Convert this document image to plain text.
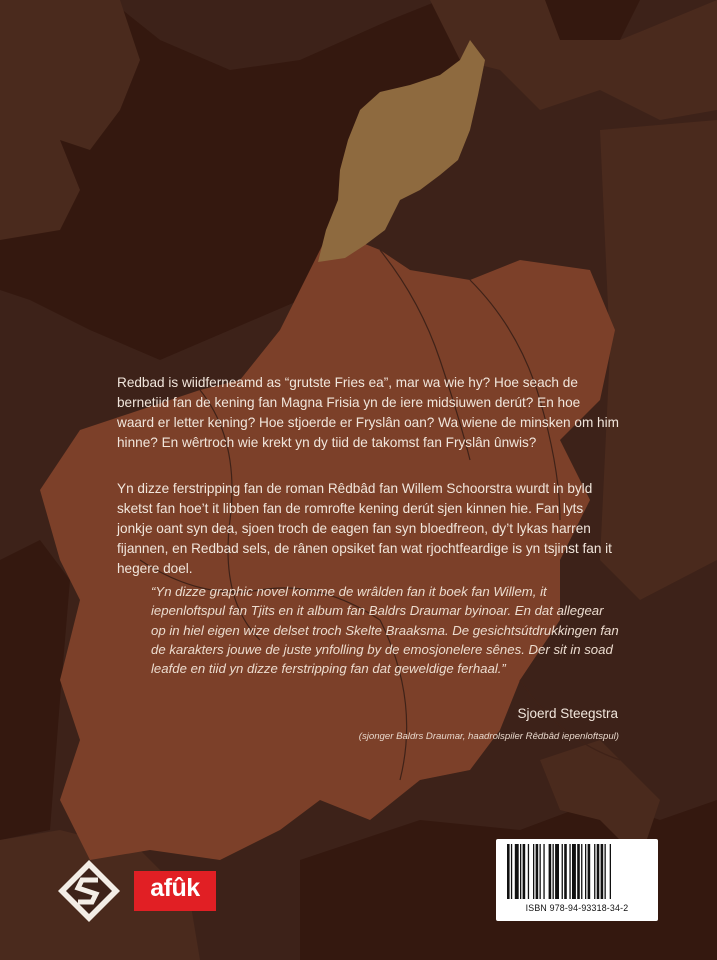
Redbad is wiidferneamd as “grutste Fries ea”, mar wa wie hy? Hoe seach de bernetiid fan de kening fan Magna Frisia yn de iere midsiuwen derút? En hoe waard er letter kening? Hoe stjoerde er Fryslân oan? Wa wiene de minsken om him hinne? En wêrtroch wie krekt yn dy tiid de takomst fan Fryslân ûnwis?

Yn dizze ferstripping fan de roman Rêdbâd fan Willem Schoorstra wurdt in byld sketst fan hoe’t it libben fan de romrofte kening derút sjen kinnen hie. Fan lyts jonkje oant syn dea, sjoen troch de eagen fan syn bloedfreon, dy’t lykas harren fijannen, en Redbad sels, de rânen opsiket fan wat rjochtfeardige is yn tsjinst fan it hegere doel.

“Yn dizze graphic novel komme de wrâlden fan it boek fan Willem, it iepenloftspul fan Tjits en it album fan Baldrs Draumar byinoar. En dat allegear op in hiel eigen wize delset troch Skelte Braaksma. De gesichtsútdrukkingen fan de karakters jouwe de juste ynfolling by de emosjonelere sênes. Der sit in soad leafde en tiid yn dizze ferstripping fan dat geweldige ferhaal.”

Sjoerd Steegstra
(sjonger Baldrs Draumar, haadrolspiler Rêdbâd iepenloftspul)
afûk
ISBN 978-94-93318-34-2
